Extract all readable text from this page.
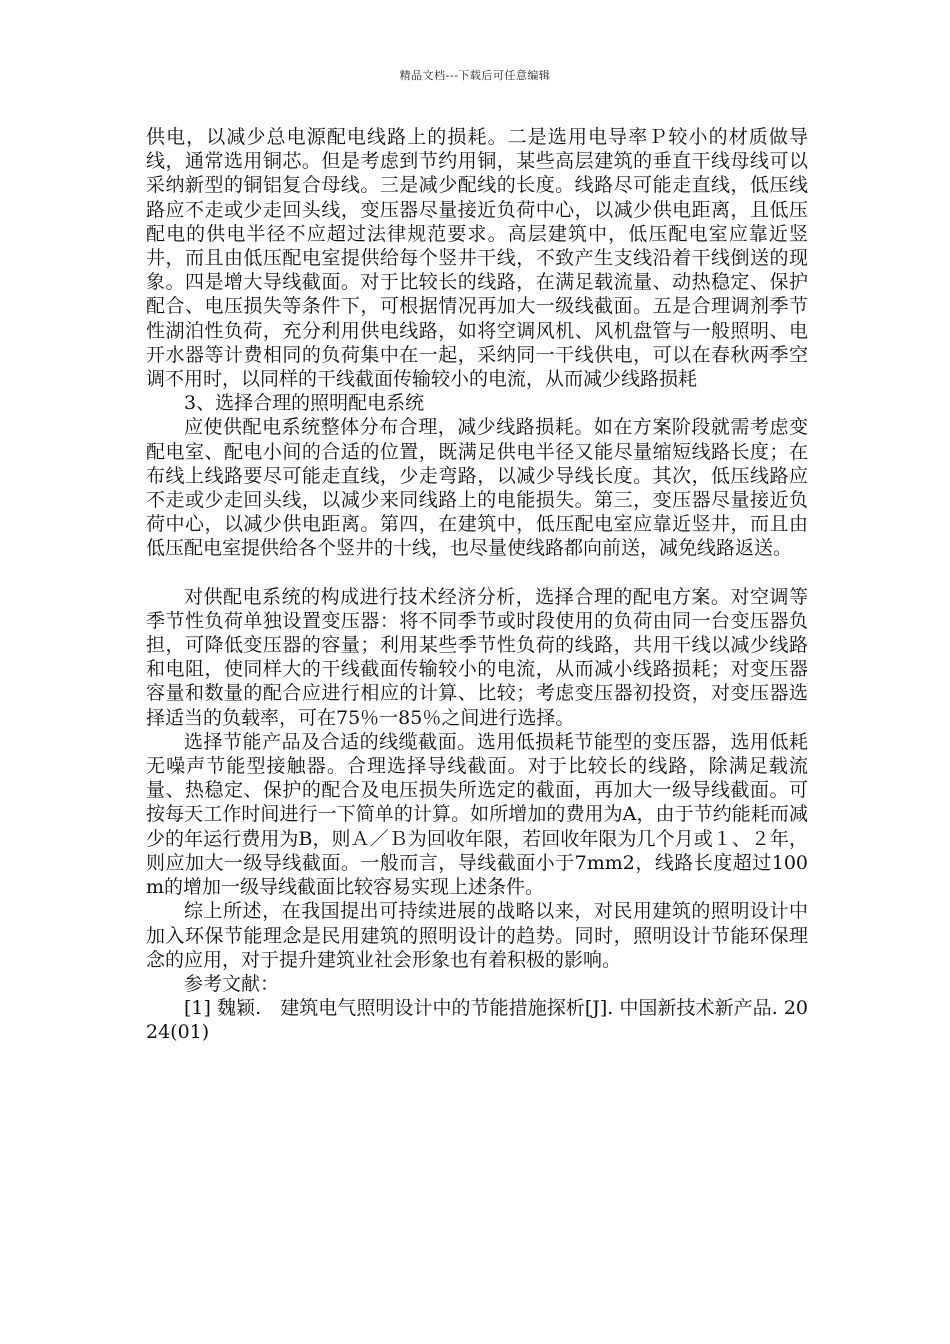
精品文档---下载后可任意编辑

供电，以减少总电源配电线路上的损耗。二是选用电导率Ｐ较小的材质做导线，通常选用铜芯。但是考虑到节约用铜，某些高层建筑的垂直干线母线可以采纳新型的铜铝复合母线。三是减少配线的长度。线路尽可能走直线，低压线路应不走或少走回头线，变压器尽量接近负荷中心，以减少供电距离，且低压配电的供电半径不应超过法律规范要求。高层建筑中，低压配电室应靠近竖井，而且由低压配电室提供给每个竖井干线，不致产生支线沿着干线倒送的现象。四是增大导线截面。对于比较长的线路，在满足载流量、动热稳定、保护配合、电压损失等条件下，可根据情况再加大一级线截面。五是合理调剂季节性湖泊性负荷，充分利用供电线路，如将空调风机、风机盘管与一般照明、电开水器等计费相同的负荷集中在一起，采纳同一干线供电，可以在春秋两季空调不用时，以同样的干线截面传输较小的电流，从而减少线路损耗

3、选择合理的照明配电系统

应使供配电系统整体分布合理，减少线路损耗。如在方案阶段就需考虑变配电室、配电小间的合适的位置，既满足供电半径又能尽量缩短线路长度；在布线上线路要尽可能走直线，少走弯路，以减少导线长度。其次，低压线路应不走或少走回头线，以减少来同线路上的电能损失。第三，变压器尽量接近负荷中心，以减少供电距离。第四，在建筑中，低压配电室应靠近竖井，而且由低压配电室提供给各个竖井的十线，也尽量使线路都向前送，减免线路返送。

对供配电系统的构成进行技术经济分析，选择合理的配电方案。对空调等季节性负荷单独设置变压器：将不同季节或时段使用的负荷由同一台变压器负担，可降低变压器的容量；利用某些季节性负荷的线路，共用干线以减少线路和电阻，使同样大的干线截面传输较小的电流，从而减小线路损耗；对变压器容量和数量的配合应进行相应的计算、比较；考虑变压器初投资，对变压器选择适当的负载率，可在75％一85％之间进行选择。

选择节能产品及合适的线缆截面。选用低损耗节能型的变压器，选用低耗无噪声节能型接触器。合理选择导线截面。对于比较长的线路，除满足载流量、热稳定、保护的配合及电压损失所选定的截面，再加大一级导线截面。可按每天工作时间进行一下简单的计算。如所增加的费用为A，由于节约能耗而减少的年运行费用为B，则Ａ／Ｂ为回收年限，若回收年限为几个月或１、２年，则应加大一级导线截面。一般而言，导线截面小于7mm2，线路长度超过100m的增加一级导线截面比较容易实现上述条件。

综上所述，在我国提出可持续进展的战略以来，对民用建筑的照明设计中加入环保节能理念是民用建筑的照明设计的趋势。同时，照明设计节能环保理念的应用，对于提升建筑业社会形象也有着积极的影响。

参考文献：

[1] 魏颖.　建筑电气照明设计中的节能措施探析[J]. 中国新技术新产品. 2024(01)
